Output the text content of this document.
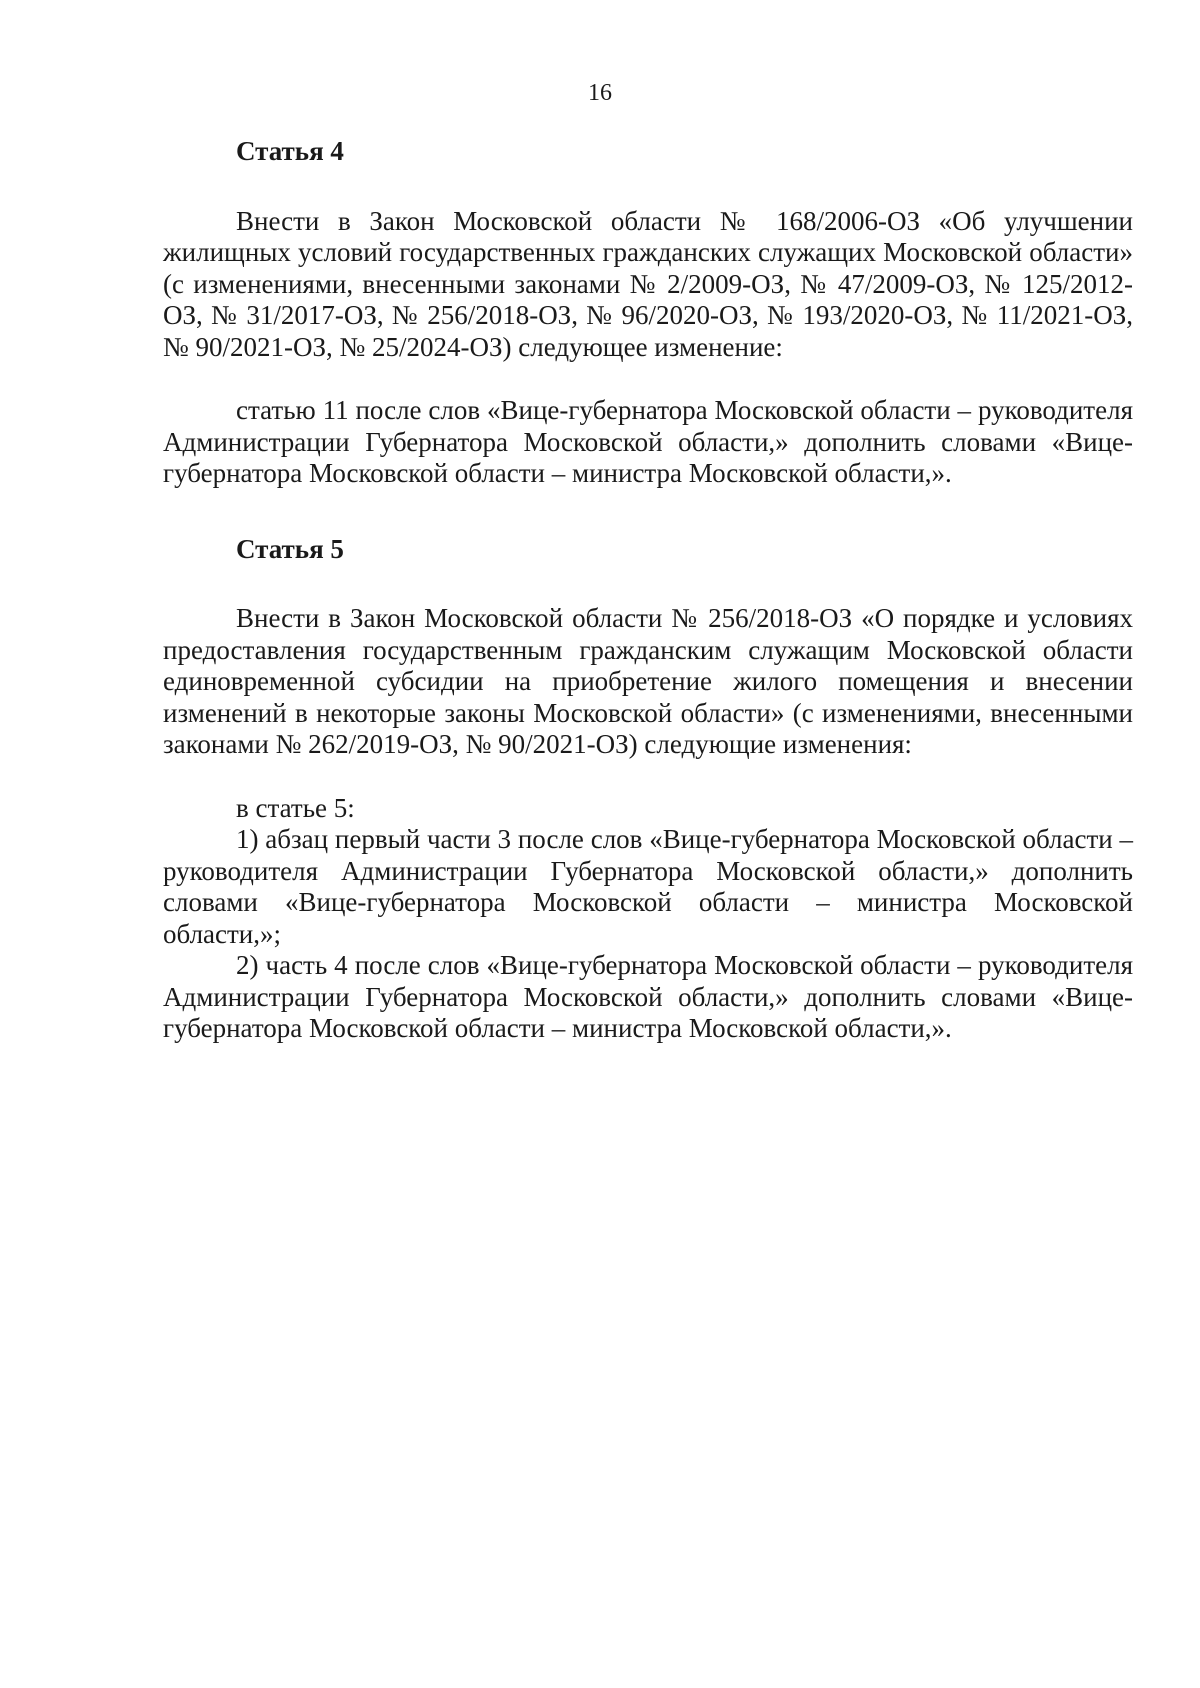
16

Статья 4

Внести в Закон Московской области № 168/2006-ОЗ «Об улучшении жилищных условий государственных гражданских служащих Московской области» (с изменениями, внесенными законами № 2/2009-ОЗ, № 47/2009-ОЗ, № 125/2012-ОЗ, № 31/2017-ОЗ, № 256/2018-ОЗ, № 96/2020-ОЗ, № 193/2020-ОЗ, № 11/2021-ОЗ, № 90/2021-ОЗ, № 25/2024-ОЗ) следующее изменение:

статью 11 после слов «Вице-губернатора Московской области – руководителя Администрации Губернатора Московской области,» дополнить словами «Вице-губернатора Московской области – министра Московской области,».

Статья 5

Внести в Закон Московской области № 256/2018-ОЗ «О порядке и условиях предоставления государственным гражданским служащим Московской области единовременной субсидии на приобретение жилого помещения и внесении изменений в некоторые законы Московской области» (с изменениями, внесенными законами № 262/2019-ОЗ, № 90/2021-ОЗ) следующие изменения:

в статье 5:

1) абзац первый части 3 после слов «Вице-губернатора Московской области – руководителя Администрации Губернатора Московской области,» дополнить словами «Вице-губернатора Московской области – министра Московской области,»;

2) часть 4 после слов «Вице-губернатора Московской области – руководителя Администрации Губернатора Московской области,» дополнить словами «Вице-губернатора Московской области – министра Московской области,».
